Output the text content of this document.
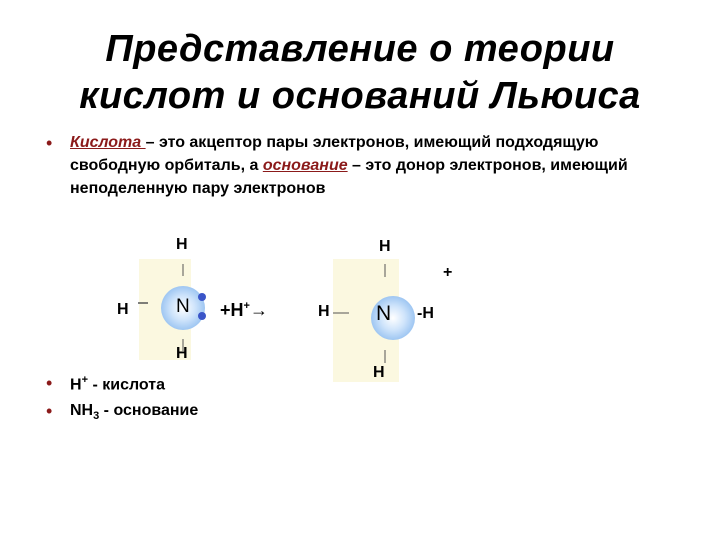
Представление о теории
кислот и оснований Льюиса
• Кислота – это акцептор пары электронов, имеющий подходящую свободную орбиталь, а основание – это донор электронов, имеющий неподеленную пару электронов
H
H
H
N +H+→
H
H
H
N -H
+
• H+ - кислота
• $NH_3$ - основание
